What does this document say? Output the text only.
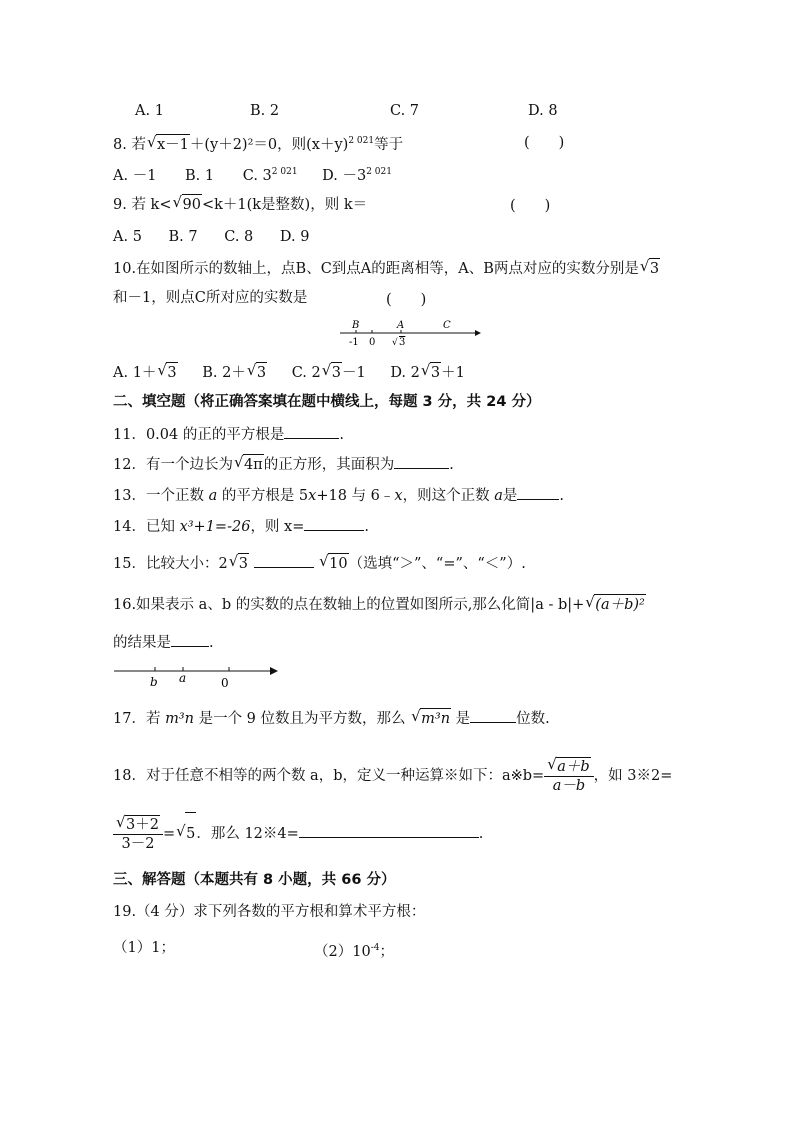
A. 1	B. 2	C. 7	D. 8
8. 若 √ x－1＋(y＋2)²＝0，则$(x+y)^{2 021}$等于	(　　)
A. －1 B. 1 C. $3^{2 021}$ D. $-3^{2 021}$
9. 若 k< √ 90<k＋1(k是整数)，则 k＝	(　　)
A. 5 B. 7 C. 8 D. 9
10.在如图所示的数轴上，点B、C到点A的距离相等，A、B两点对应的实数分别是 √ 3
和－1，则点C所对应的实数是	(　　)
B	A	C
-1 0 √ 3
A. 1＋ √ 3 B. 2＋ √ 3 C. 2 √ 3－1 D. 2 √ 3＋1
二、填空题（将正确答案填在题中横线上，每题 3 分，共 24 分）
11．0.04 的正的平方根是	.
12．有一个边长为 √ 4π的正方形，其面积为	.
13．一个正数 a 的平方根是 5x+18 与 6﹣x，则这个正数 a是	.
14．已知 x³+1=-26，则 x=	.
15．比较大小：2 √ 3	√ 10（选填“＞”、“=”、“＜”）.
16.如果表示 a、b 的实数的点在数轴上的位置如图所示,那么化简|a - b|+ √ (a＋b)²
的结果是	.
b a	0
17．若 m³n 是一个 9 位数且为平方数，那么 √ m³n 是	位数.
18．对于任意不相等的两个数 a，b，定义一种运算※如下：a※b= √ $\frac{a+b}{a-b}$ ，如 3※2=
√ $\frac{3+2}{3-2}$ = √ 5．那么 12※4=	.
三、解答题（本题共有 8 小题，共 66 分）
19.（4 分）求下列各数的平方根和算术平方根：
（1）1；	$(2)10^{-4}$；
